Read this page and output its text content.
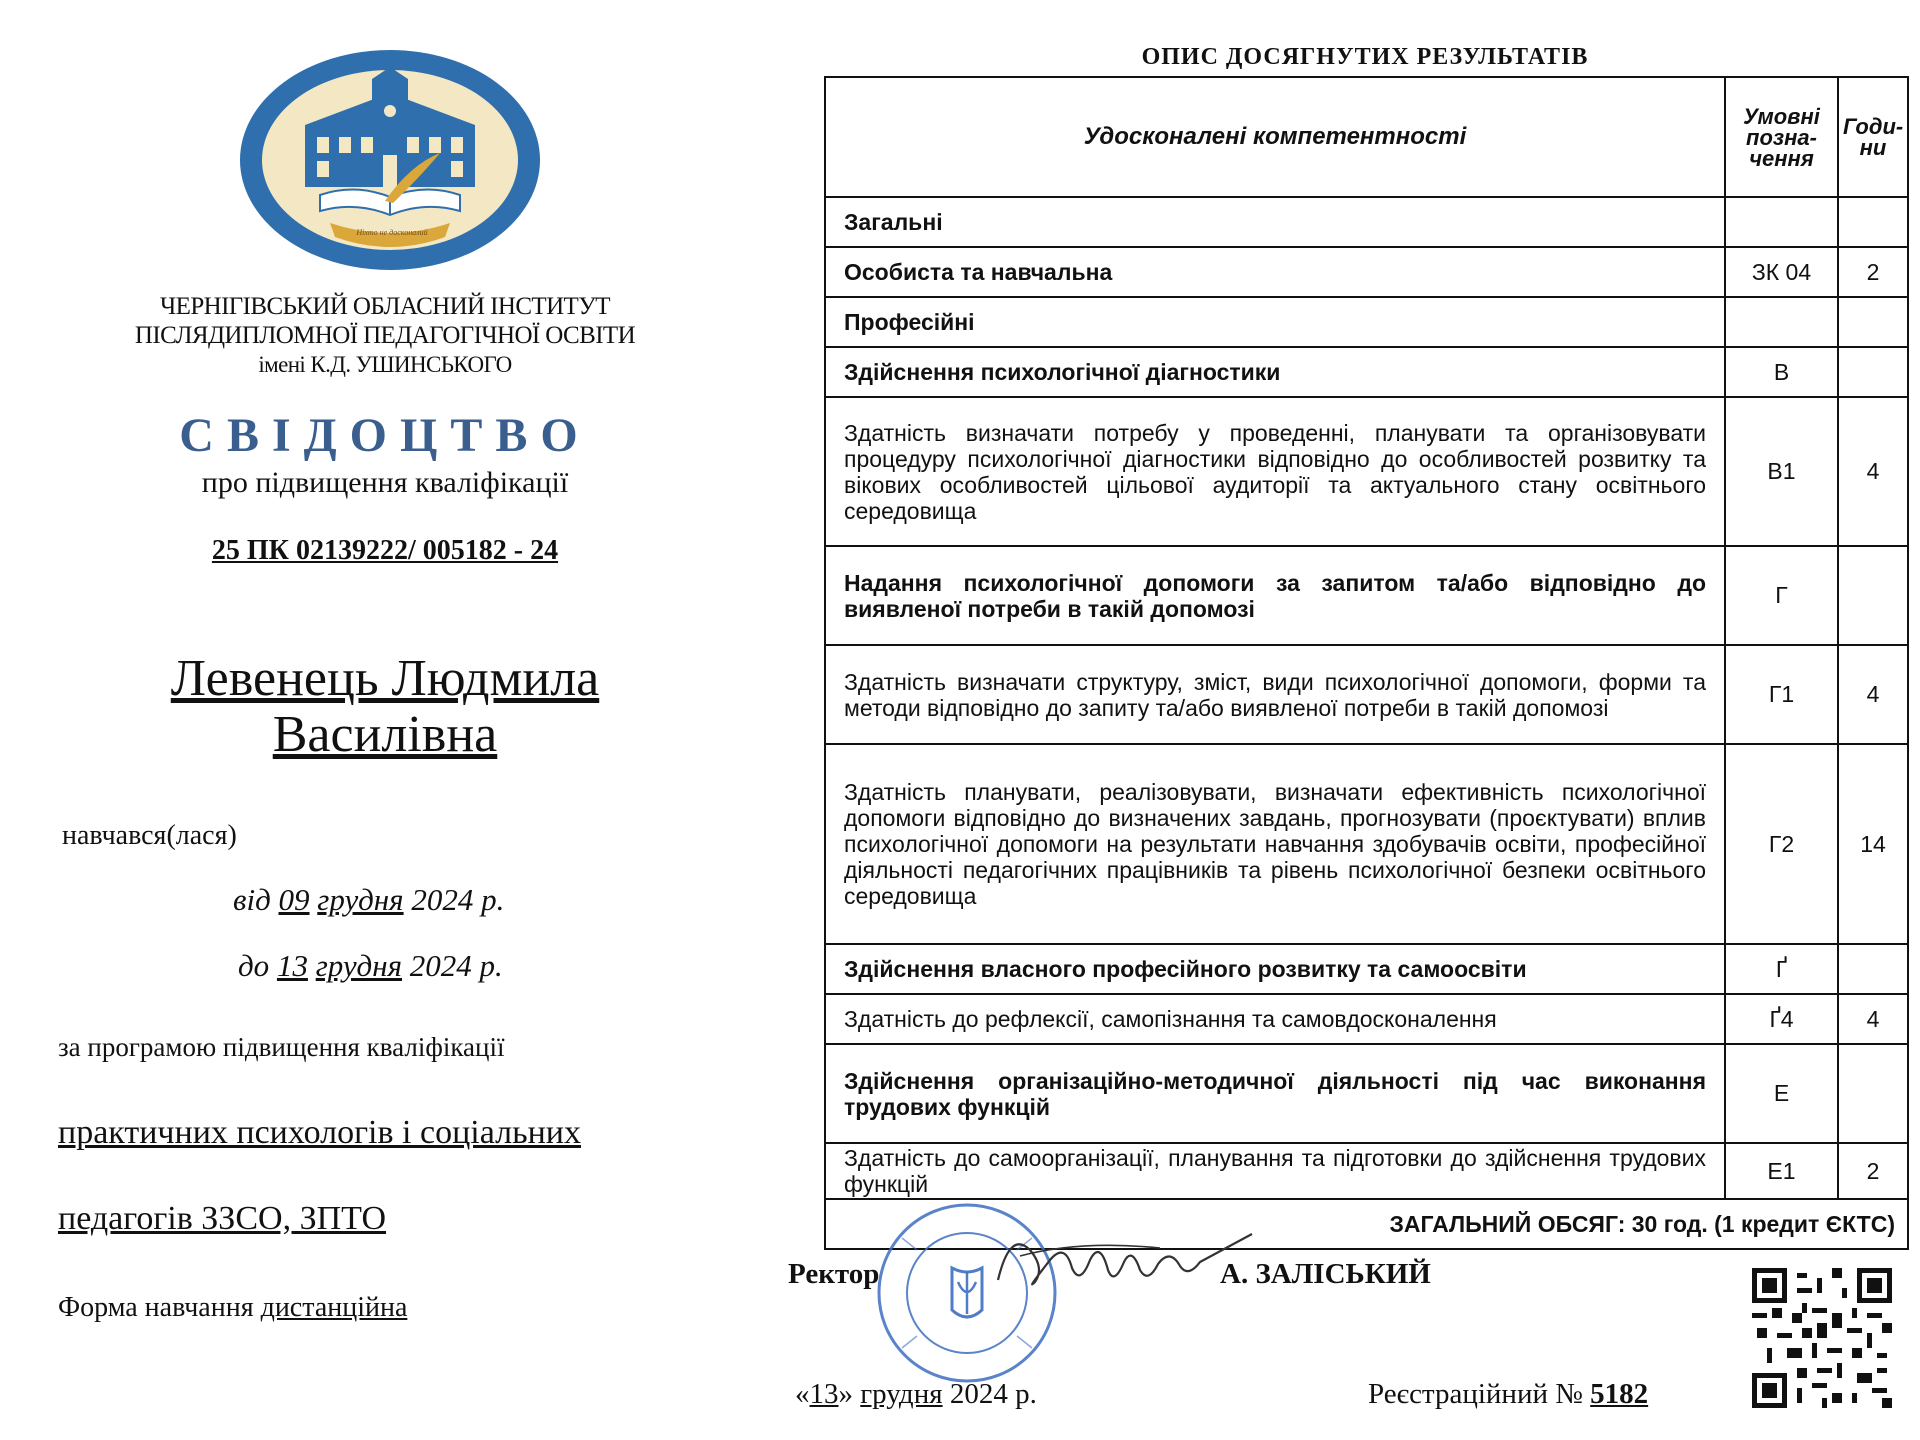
Ніхто не досконалий
ЧЕРНІГІВСЬКИЙ ОБЛАСНИЙ ІНСТИТУТ
ПІСЛЯДИПЛОМНОЇ ПЕДАГОГІЧНОЇ ОСВІТИ
імені К.Д. УШИНСЬКОГО
СВІДОЦТВО
про підвищення кваліфікації
25 ПК 02139222/ 005182 - 24
Левенець Людмила
Василівна
навчався(лася)
від 09 грудня 2024 р.
до 13 грудня 2024 р.
за програмою підвищення кваліфікації
практичних психологів і соціальних
педагогів ЗЗСО, ЗПТО
Форма навчання дистанційна
ОПИС ДОСЯГНУТИХ РЕЗУЛЬТАТІВ
Удосконалені компетентності	Умовні позна-чення	Годи-ни
Загальні		
Особиста та навчальна	ЗК 04	2
Професійні		
Здійснення психологічної діагностики	В	
Здатність визначати потребу у проведенні, планувати та організовувати процедуру психологічної діагностики відповідно до особливостей розвитку та вікових особливостей цільової аудиторії та актуального стану освітнього середовища	В1	4
Надання психологічної допомоги за запитом та/або відповідно до виявленої потреби в такій допомозі	Г	
Здатність визначати структуру, зміст, види психологічної допомоги, форми та методи відповідно до запиту та/або виявленої потреби в такій допомозі	Г1	4
Здатність планувати, реалізовувати, визначати ефективність психологічної допомоги відповідно до визначених завдань, прогнозувати (проєктувати) вплив психологічної допомоги на результати навчання здобувачів освіти, професійної діяльності педагогічних працівників та рівень психологічної безпеки освітнього середовища	Г2	14
Здійснення власного професійного розвитку та самоосвіти	Ґ	
Здатність до рефлексії, самопізнання та самовдосконалення	Ґ4	4
Здійснення організаційно-методичної діяльності під час виконання трудових функцій	Е	
Здатність до самоорганізації, планування та підготовки до здійснення трудових функцій	Е1	2
ЗАГАЛЬНИЙ ОБСЯГ: 30 год. (1 кредит ЄКТС)		
Ректор	А. ЗАЛІСЬКИЙ
«13» грудня 2024 р.	Реєстраційний № 5182
